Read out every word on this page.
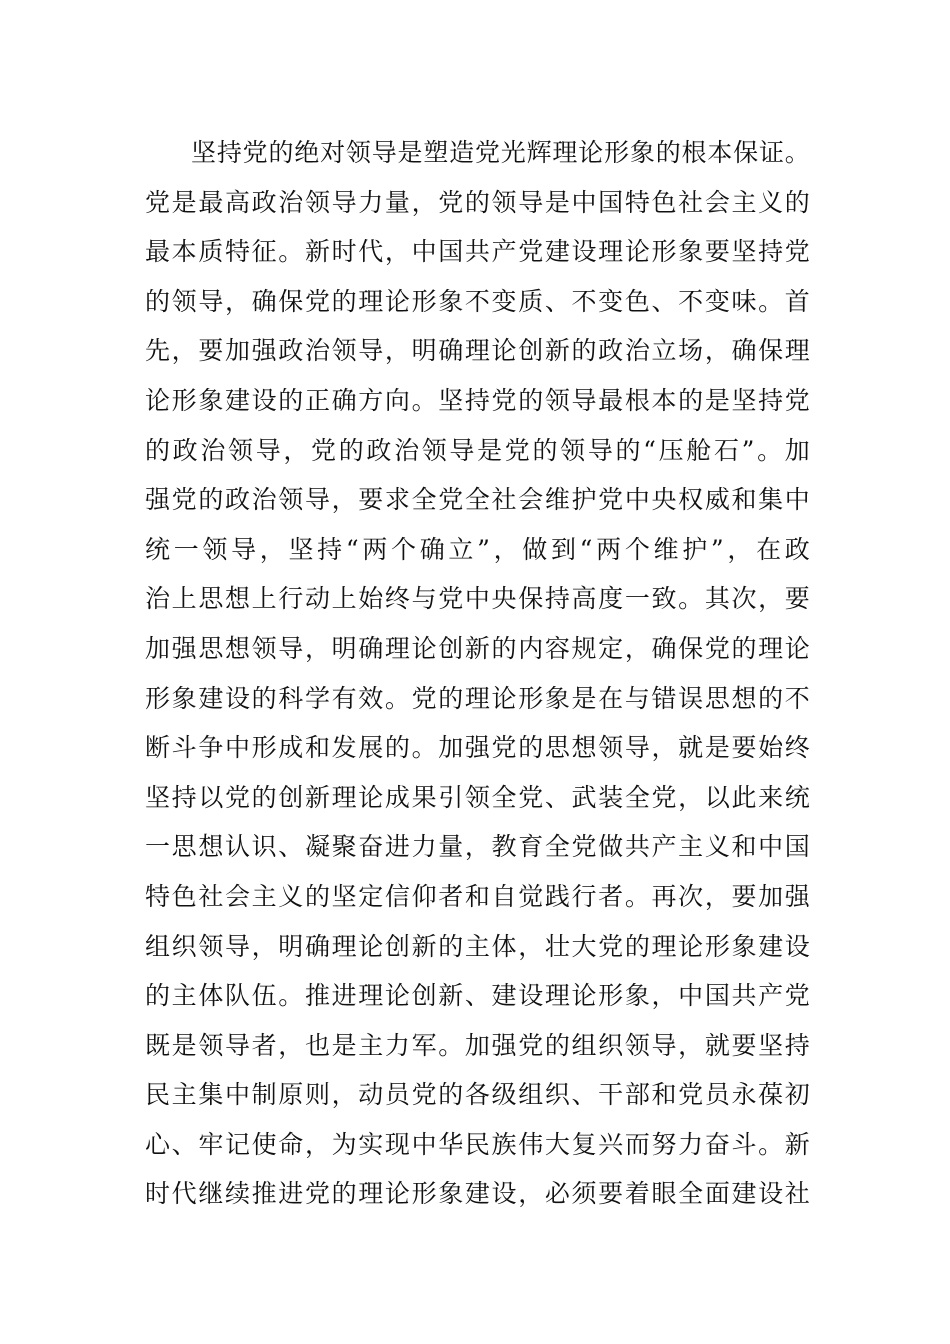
坚持党的绝对领导是塑造党光辉理论形象的根本保证。
党是最高政治领导力量，党的领导是中国特色社会主义的
最本质特征。新时代，中国共产党建设理论形象要坚持党
的领导，确保党的理论形象不变质、不变色、不变味。首
先，要加强政治领导，明确理论创新的政治立场，确保理
论形象建设的正确方向。坚持党的领导最根本的是坚持党
的政治领导，党的政治领导是党的领导的“压舱石”。加
强党的政治领导，要求全党全社会维护党中央权威和集中
统一领导，坚持“两个确立”，做到“两个维护”，在政
治上思想上行动上始终与党中央保持高度一致。其次，要
加强思想领导，明确理论创新的内容规定，确保党的理论
形象建设的科学有效。党的理论形象是在与错误思想的不
断斗争中形成和发展的。加强党的思想领导，就是要始终
坚持以党的创新理论成果引领全党、武装全党，以此来统
一思想认识、凝聚奋进力量，教育全党做共产主义和中国
特色社会主义的坚定信仰者和自觉践行者。再次，要加强
组织领导，明确理论创新的主体，壮大党的理论形象建设
的主体队伍。推进理论创新、建设理论形象，中国共产党
既是领导者，也是主力军。加强党的组织领导，就要坚持
民主集中制原则，动员党的各级组织、干部和党员永葆初
心、牢记使命，为实现中华民族伟大复兴而努力奋斗。新
时代继续推进党的理论形象建设，必须要着眼全面建设社
